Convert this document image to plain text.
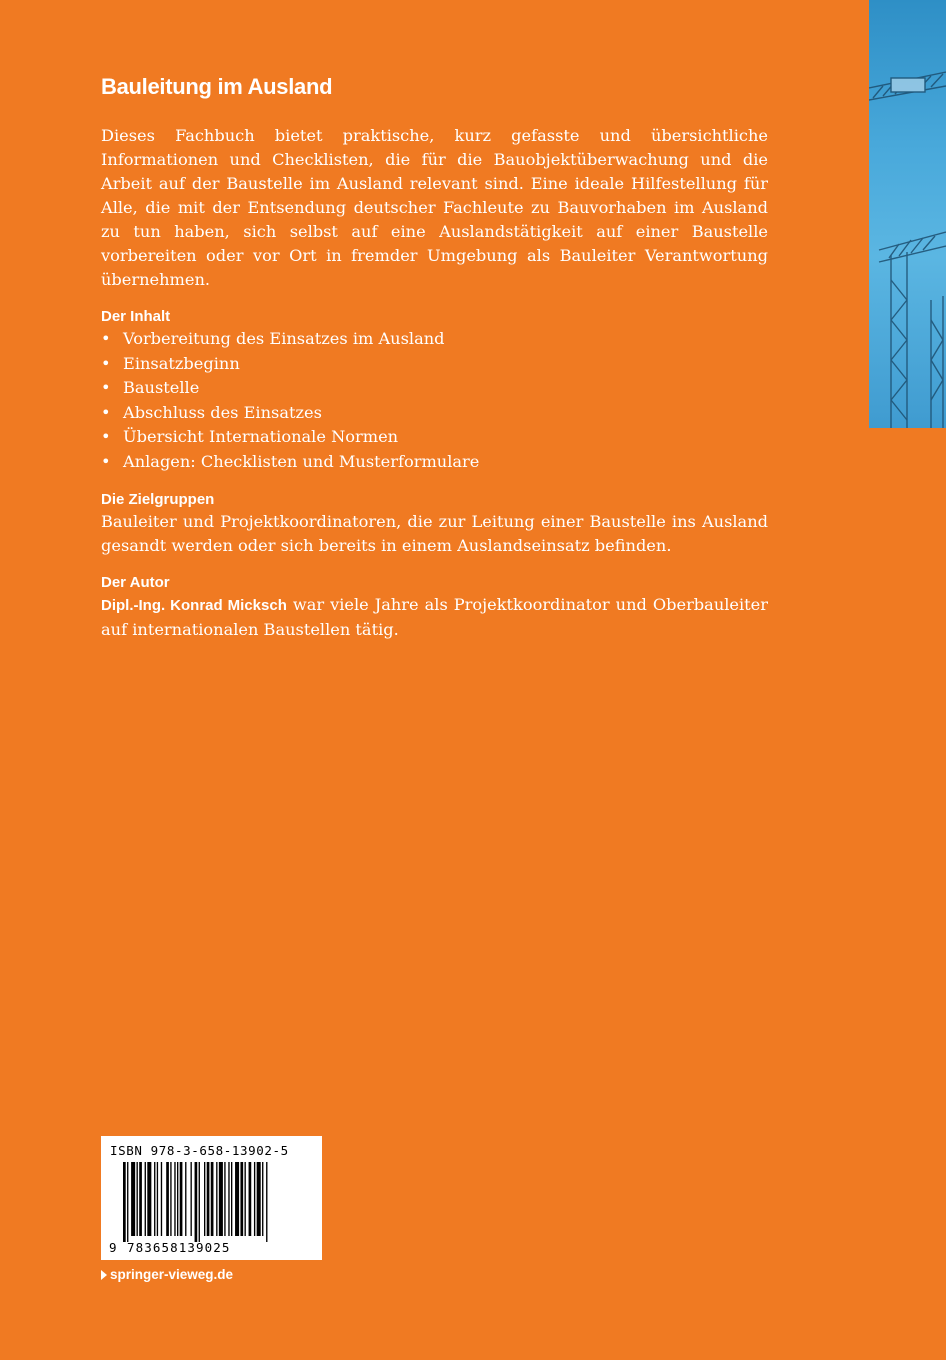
Bauleitung im Ausland

Dieses Fachbuch bietet praktische, kurz gefasste und übersichtliche Informationen und Checklisten, die für die Bauobjektüberwachung und die Arbeit auf der Baustelle im Ausland relevant sind. Eine ideale Hilfestellung für Alle, die mit der Entsendung deutscher Fachleute zu Bauvorhaben im Ausland zu tun haben, sich selbst auf eine Auslandstätigkeit auf einer Baustelle vorbereiten oder vor Ort in fremder Umgebung als Bauleiter Verantwortung übernehmen.

Der Inhalt
• Vorbereitung des Einsatzes im Ausland
• Einsatzbeginn
• Baustelle
• Abschluss des Einsatzes
• Übersicht Internationale Normen
• Anlagen: Checklisten und Musterformulare
Die Zielgruppen

Bauleiter und Projektkoordinatoren, die zur Leitung einer Baustelle ins Ausland gesandt werden oder sich bereits in einem Auslandseinsatz befinden.

Der Autor

Dipl.-Ing. Konrad Micksch war viele Jahre als Projektkoordinator und Oberbauleiter auf internationalen Baustellen tätig.

ISBN 978-3-658-13902-5
9 783658139025
springer-vieweg.de
